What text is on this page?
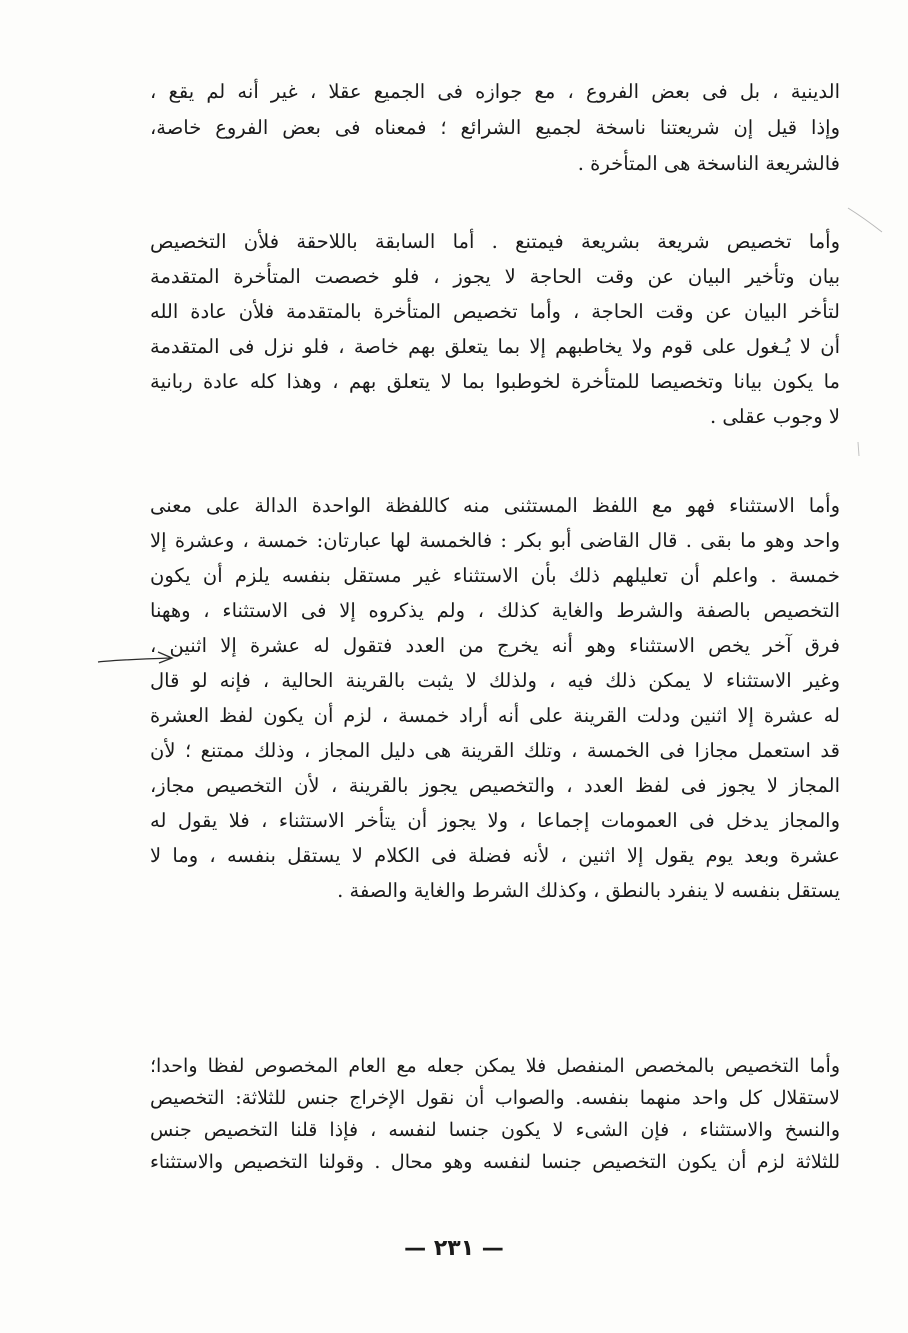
الدينية ، بل فى بعض الفروع ، مع جوازه فى الجميع عقلا ، غير أنه لم يقع ،
وإذا قيل إن شريعتنا ناسخة لجميع الشرائع ؛ فمعناه فى بعض الفروع خاصة،
فالشريعة الناسخة هى المتأخرة .
وأما تخصيص شريعة بشريعة فيمتنع . أما السابقة باللاحقة فلأن التخصيص
بيان وتأخير البيان عن وقت الحاجة لا يجوز ، فلو خصصت المتأخرة المتقدمة
لتأخر البيان عن وقت الحاجة ، وأما تخصيص المتأخرة بالمتقدمة فلأن عادة الله
أن لا يُـغول على قوم ولا يخاطبهم إلا بما يتعلق بهم خاصة ، فلو نزل فى المتقدمة
ما يكون بيانا وتخصيصا للمتأخرة لخوطبوا بما لا يتعلق بهم ، وهذا كله عادة ربانية
لا وجوب عقلى .
وأما الاستثناء فهو مع اللفظ المستثنى منه كاللفظة الواحدة الدالة على معنى
واحد وهو ما بقى . قال القاضى أبو بكر : فالخمسة لها عبارتان: خمسة ، وعشرة إلا
خمسة . واعلم أن تعليلهم ذلك بأن الاستثناء غير مستقل بنفسه يلزم أن يكون
التخصيص بالصفة والشرط والغاية كذلك ، ولم يذكروه إلا فى الاستثناء ، وههنا
فرق آخر يخص الاستثناء وهو أنه يخرج من العدد فتقول له عشرة إلا اثنين ،
وغير الاستثناء لا يمكن ذلك فيه ، ولذلك لا يثبت بالقرينة الحالية ، فإنه لو قال
له عشرة إلا اثنين ودلت القرينة على أنه أراد خمسة ، لزم أن يكون لفظ العشرة
قد استعمل مجازا فى الخمسة ، وتلك القرينة هى دليل المجاز ، وذلك ممتنع ؛ لأن
المجاز لا يجوز فى لفظ العدد ، والتخصيص يجوز بالقرينة ، لأن التخصيص مجاز،
والمجاز يدخل فى العمومات إجماعا ، ولا يجوز أن يتأخر الاستثناء ، فلا يقول له
عشرة وبعد يوم يقول إلا اثنين ، لأنه فضلة فى الكلام لا يستقل بنفسه ، وما لا
يستقل بنفسه لا ينفرد بالنطق ، وكذلك الشرط والغاية والصفة .
وأما التخصيص بالمخصص المنفصل فلا يمكن جعله مع العام المخصوص لفظا واحدا؛
لاستقلال كل واحد منهما بنفسه. والصواب أن نقول الإخراج جنس للثلاثة: التخصيص
والنسخ والاستثناء ، فإن الشىء لا يكون جنسا لنفسه ، فإذا قلنا التخصيص جنس
للثلاثة لزم أن يكون التخصيص جنسا لنفسه وهو محال . وقولنا التخصيص والاستثناء
— ٢٣١ —
